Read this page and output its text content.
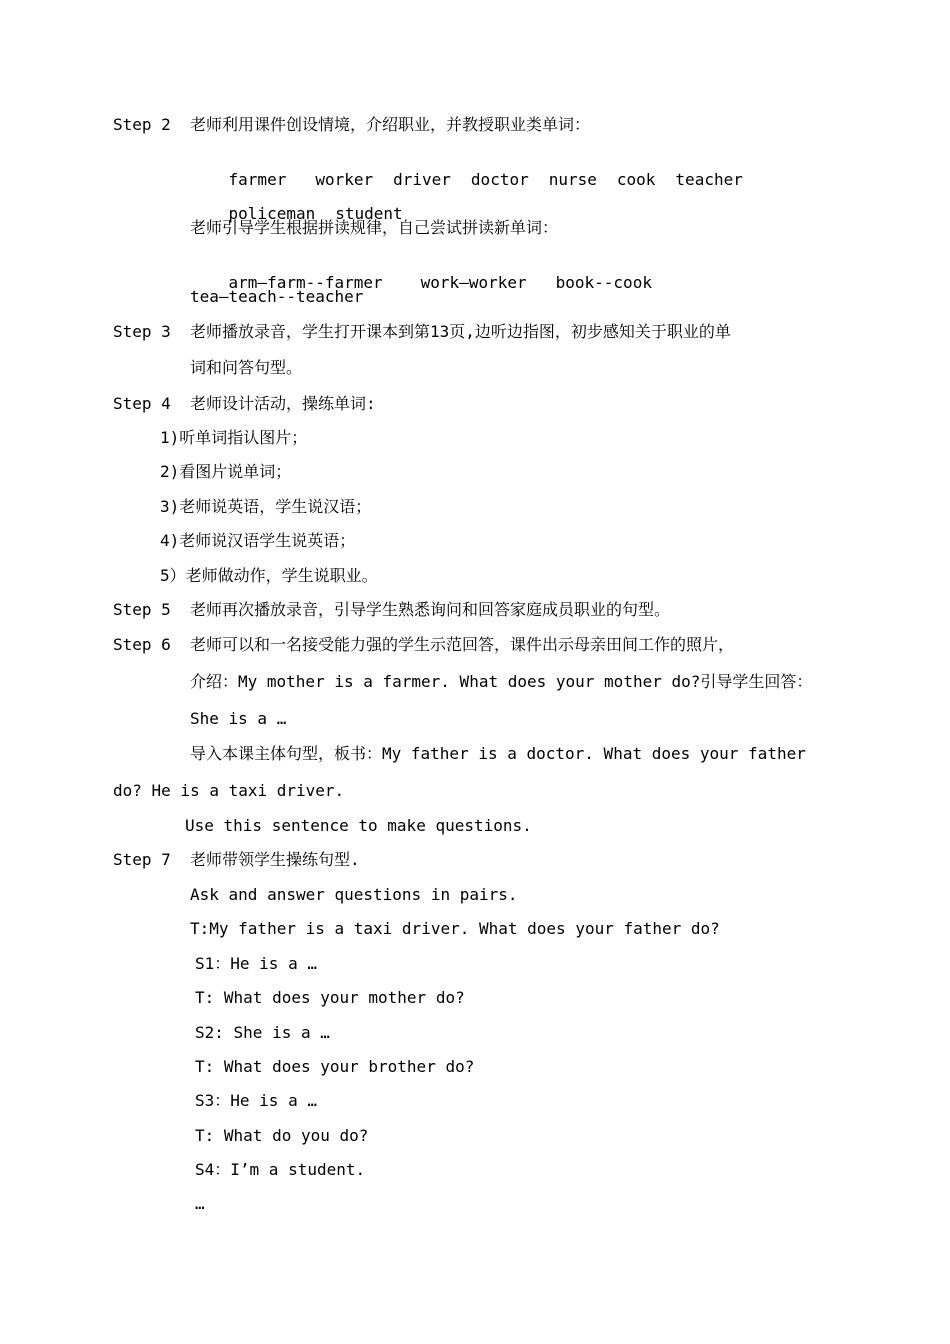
Step 2 老师利用课件创设情境，介绍职业，并教授职业类单词：

farmer worker driver doctor nurse cook teacher

policeman student

老师引导学生根据拼读规律，自己尝试拼读新单词：

arm—farm--farmer work—worker book--cook

tea—teach--teacher
Step 3 老师播放录音，学生打开课本到第13页,边听边指图，初步感知关于职业的单
词和问答句型。
Step 4 老师设计活动，操练单词:
1)听单词指认图片；
2)看图片说单词；
3)老师说英语，学生说汉语；
4)老师说汉语学生说英语；
5）老师做动作，学生说职业。
Step 5 老师再次播放录音，引导学生熟悉询问和回答家庭成员职业的句型。
Step 6 老师可以和一名接受能力强的学生示范回答，课件出示母亲田间工作的照片，
介绍：My mother is a farmer. What does your mother do?引导学生回答：
She is a …
导入本课主体句型，板书：My father is a doctor. What does your father
do? He is a taxi driver.
Use this sentence to make questions.
Step 7 老师带领学生操练句型.
Ask and answer questions in pairs.
T:My father is a taxi driver. What does your father do?
S1：He is a …
T: What does your mother do?
S2: She is a …
T: What does your brother do?
S3：He is a …
T: What do you do?
S4：I’m a student.
…
